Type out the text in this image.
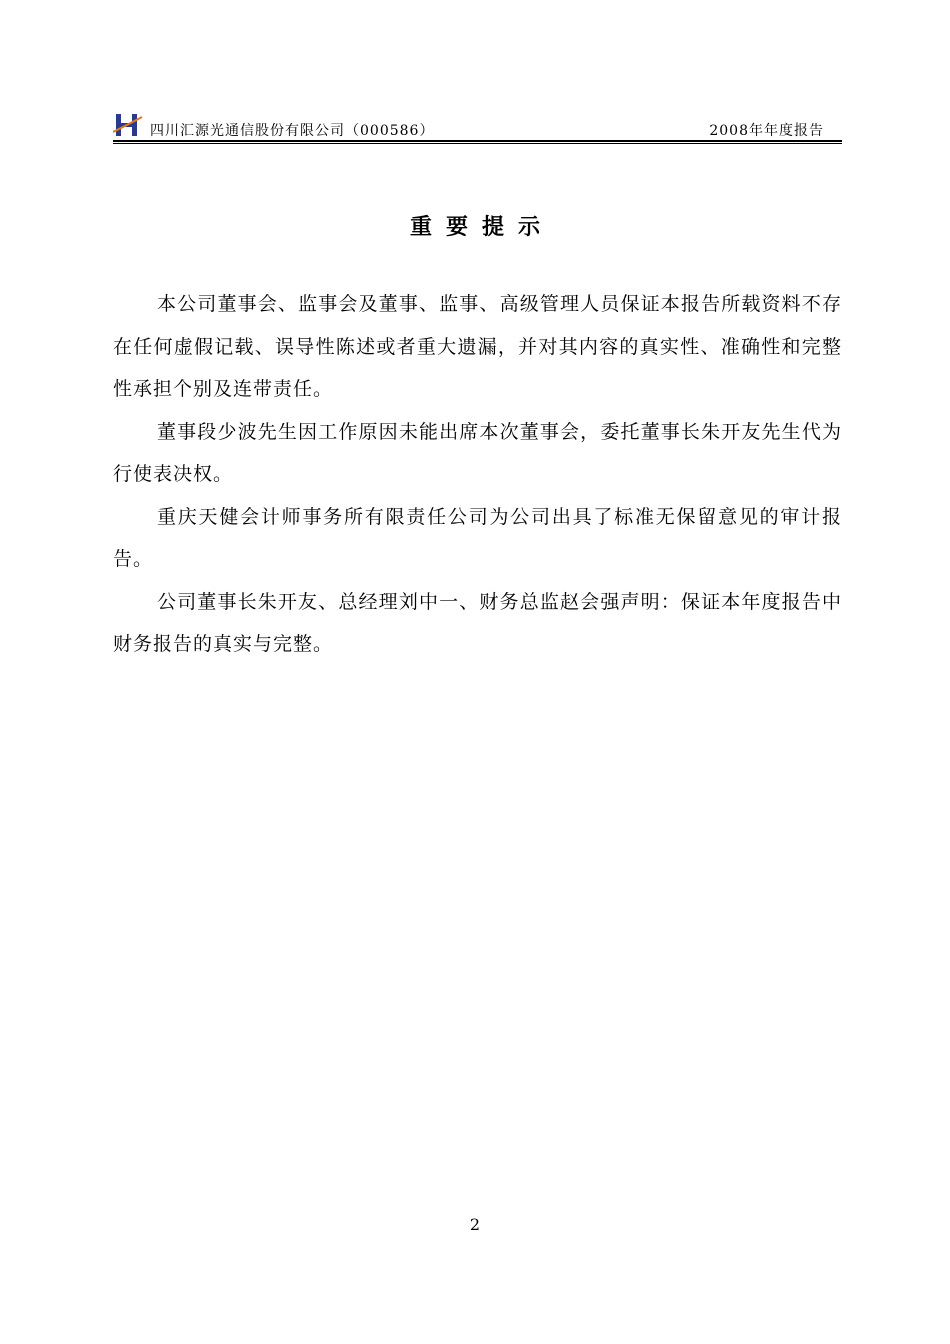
四川汇源光通信股份有限公司（000586）	2008年年度报告
重要提示

本公司董事会、监事会及董事、监事、高级管理人员保证本报告所载资料不存在任何虚假记载、误导性陈述或者重大遗漏，并对其内容的真实性、准确性和完整性承担个别及连带责任。

董事段少波先生因工作原因未能出席本次董事会，委托董事长朱开友先生代为行使表决权。

重庆天健会计师事务所有限责任公司为公司出具了标准无保留意见的审计报告。

公司董事长朱开友、总经理刘中一、财务总监赵会强声明：保证本年度报告中财务报告的真实与完整。

2
